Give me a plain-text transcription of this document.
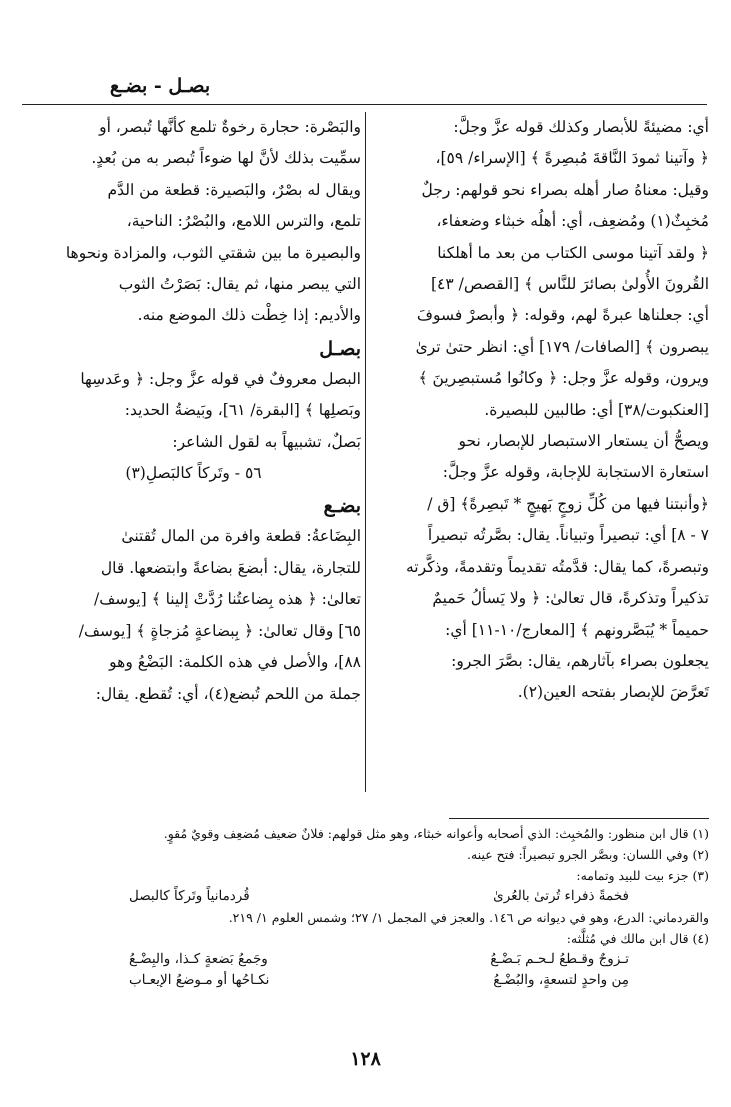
بصـل - بضـع

أي: مضيئةً للأبصار وكذلك قوله عزَّ وجلَّ:

﴿ وآتينا ثمودَ النَّاقةَ مُبصِرةً ﴾ [الإسراء/ ٥٩]،

وقيل: معناهُ صار أهله بصراء نحو قولهم: رجلٌ

مُخبِثٌ(١) ومُضعِف، أي: أهلُه خبثاء وضعفاء،

﴿ ولقد آتينا موسى الكتاب من بعد ما أهلكنا

القُرونَ الأُولىٰ بصائرَ للنَّاس ﴾ [القصص/ ٤٣]

أي: جعلناها عبرةً لهم، وقوله: ﴿ وأبصرْ فسوفَ

يبصرون ﴾ [الصافات/ ١٧٩] أي: انظر حتىٰ ترىٰ

ويرون، وقوله عزَّ وجل: ﴿ وكانُوا مُستبصِرينَ ﴾

[العنكبوت/٣٨] أي: طالبين للبصيرة.

ويصحُّ أن يستعار الاستبصار للإبصار، نحو

استعارة الاستجابة للإجابة، وقوله عزَّ وجلَّ:

﴿وأنبتنا فيها من كُلِّ زوجٍ بَهيجٍ * تَبصِرةً﴾ [ق /

٧ - ٨] أي: تبصيراً وتبياناً. يقال: بصَّرتُه تبصيراً

وتبصرةً، كما يقال: قدَّمتُه تقديماً وتقدمةً، وذكَّرته

تذكيراً وتذكرةً، قال تعالىٰ: ﴿ ولا يَسألُ حَميمٌ

حميماً * يُبَصَّرونهم ﴾ [المعارج/١٠-١١] أي:

يجعلون بصراء بآثارهم، يقال: بصَّرَ الجرو:

تَعرَّضَ للإبصار بفتحه العين(٢).

والبَصْرة: حجارة رخوةٌ تلمع كأنَّها تُبصر، أو

سمِّيت بذلك لأنَّ لها ضوءاً تُبصر به من بُعدٍ.

ويقال له بصْرٌ، والبَصيرة: قطعة من الدَّم

تلمع، والترس اللامع، والبُصْرُ: الناحية،

والبصيرة ما بين شقتي الثوب، والمزادة ونحوها

التي يبصر منها، ثم يقال: بَصَرْتُ الثوب

والأديم: إذا خِطْت ذلك الموضع منه.

بصـل

البصل معروفٌ في قوله عزَّ وجل: ﴿ وعَدسِها

وبَصلِها ﴾ [البقرة/ ٦١]، وبَيضةُ الحديد:

بَصلٌ، تشبيهاً به لقول الشاعر:

٥٦ - وتَركاً كالبَصلِ(٣)

بضـع

البِضَاعةُ: قطعة وافرة من المال تُقتنىٰ

للتجارة، يقال: أبضعَ بضاعةً وابتضعها. قال

تعالىٰ: ﴿ هذه بِضاعتُنا رُدَّتْ إلينا ﴾ [يوسف/

٦٥] وقال تعالىٰ: ﴿ بِبضاعةٍ مُزجاةٍ ﴾ [يوسف/

٨٨]، والأصل في هذه الكلمة: البَضْعُ وهو

جملة من اللحم تُبضع(٤)، أي: تُقطع. يقال:

(١) قال ابن منظور: والمُخبِث: الذي أصحابه وأعوانه خبثاء، وهو مثل قولهم: فلانٌ ضعيف مُضعِف وقويٌ مُقوٍ.

(٢) وفي اللسان: وبصَّر الجرو تبصيراً: فتح عينه.

(٣) جزء بيت للبيد وتمامه:

فخمةً ذفراء تُرتىٰ بالعُرىٰ
قُردمانياً وتَركاً كالبصل

والقردماني: الدرع، وهو في ديوانه ص ١٤٦. والعجز في المجمل ١/ ٢٧؛ وشمس العلوم ١/ ٢١٩.

(٤) قال ابن مالك في مُثلَّثه:

تـزوجٌ وقـطعُ لـحـم بَـضْـعُ
وجَمعُ بَضعةٍ كـذا، والبِضْـعُ
مِن واحدٍ لتسعةٍ، والبُضْـعُ
نكـاحُها أو مـوضعُ الإيعـاب
١٢٨
